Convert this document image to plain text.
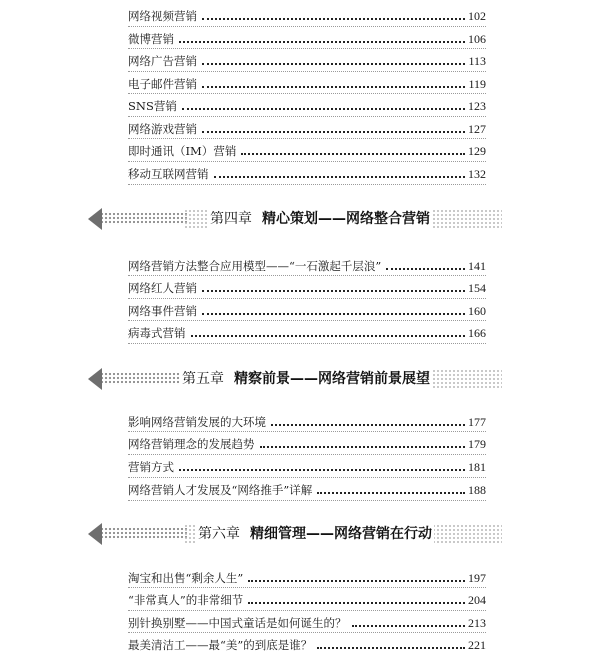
网络视频营销	102
微博营销	106
网络广告营销	113
电子邮件营销	119
SNS营销	123
网络游戏营销	127
即时通讯（IM）营销	129
移动互联网营销	132
第四章 精心策划——网络整合营销
网络营销方法整合应用模型——“一石激起千层浪”	141
网络红人营销	154
网络事件营销	160
病毒式营销	166
第五章 精察前景——网络营销前景展望
影响网络营销发展的大环境	177
网络营销理念的发展趋势	179
营销方式	181
网络营销人才发展及“网络推手”详解	188
第六章 精细管理——网络营销在行动
淘宝和出售“剩余人生”	197
“非常真人”的非常细节	204
别针换别墅——中国式童话是如何诞生的？	213
最美清洁工——最“美”的到底是谁？	221
